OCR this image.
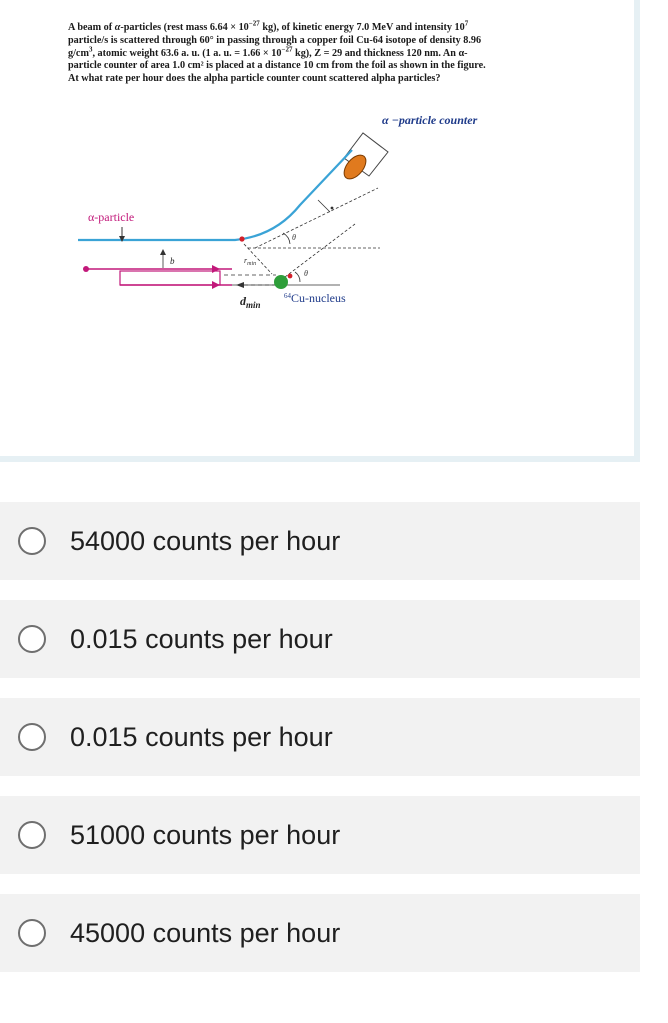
A beam of α-particles (rest mass $6.64 \times 10^{-27}$ kg), of kinetic energy 7.0 MeV and intensity $10^7$
particle/s is scattered through 60° in passing through a copper foil Cu-64 isotope of density 8.96
$g/cm^3$, atomic weight 63.6 a. u. (1 a. u. = $1.66 \times 10^{-27}$ kg), Z = 29 and thickness 120 nm. An α-
particle counter of area 1.0 cm² is placed at a distance 10 cm from the foil as shown in the figure.
At what rate per hour does the alpha particle counter count scattered alpha particles?
α −particle counter
b
α-particle
$r_{min}$
θ
θ
$d_{min}$
$^{64}$Cu-nucleus
54000 counts per hour
0.015 counts per hour
0.015 counts per hour
51000 counts per hour
45000 counts per hour
